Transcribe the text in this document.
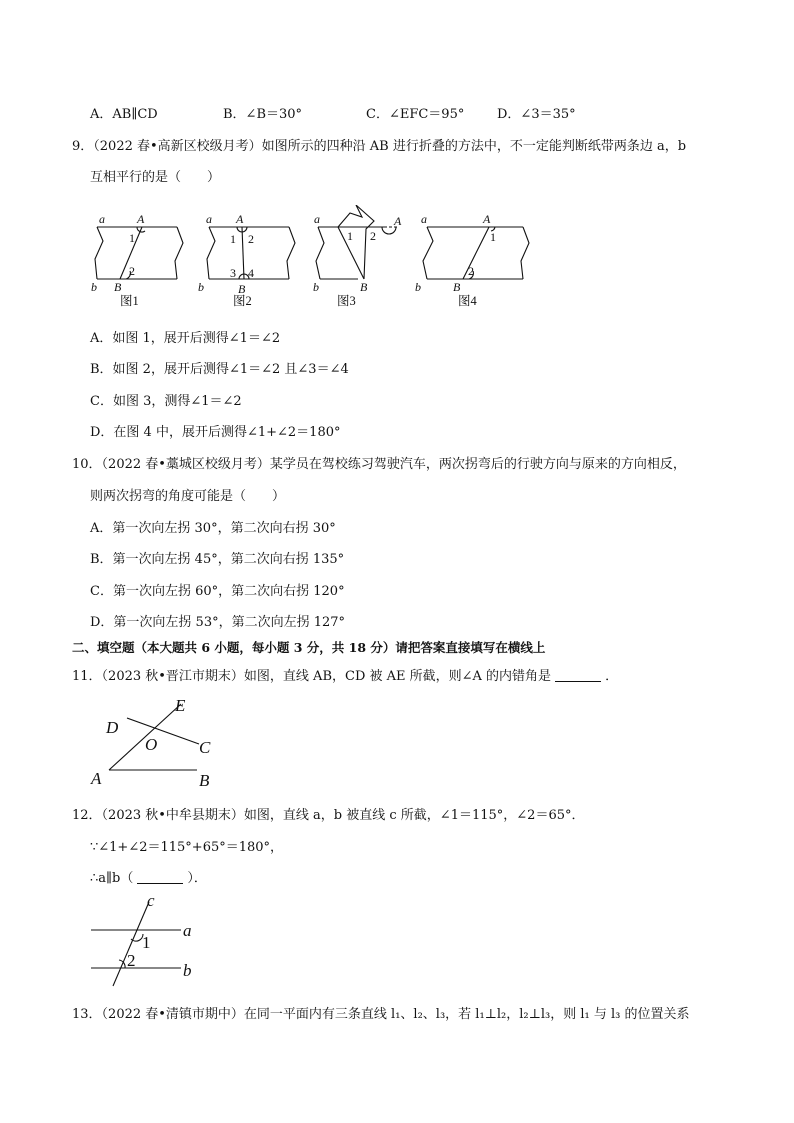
A．AB∥CD	B．∠B＝30°	C．∠EFC＝95°	D．∠3＝35°
9．（2022 春•高新区校级月考）如图所示的四种沿 AB 进行折叠的方法中，不一定能判断纸带两条边 a，b
互相平行的是（　　）
a	A
1
2
b B
a A
1 2
3 4
b	B
a
1 2
A
b	B
a	A
1
2
b	B
图1	图2	图3	图4
A．如图 1，展开后测得∠1＝∠2
B．如图 2，展开后测得∠1＝∠2 且∠3＝∠4
C．如图 3，测得∠1＝∠2
D．在图 4 中，展开后测得∠1+∠2＝180°
10．（2022 春•藁城区校级月考）某学员在驾校练习驾驶汽车，两次拐弯后的行驶方向与原来的方向相反，
则两次拐弯的角度可能是（　　）
A．第一次向左拐 30°，第二次向右拐 30°
B．第一次向左拐 45°，第二次向右拐 135°
C．第一次向左拐 60°，第二次向右拐 120°
D．第一次向左拐 53°，第二次向左拐 127°
二、填空题（本大题共 6 小题，每小题 3 分，共 18 分）请把答案直接填写在横线上
11．（2023 秋•晋江市期末）如图，直线 AB，CD 被 AE 所截，则∠A 的内错角是	．
D
E
O C
A	B
12．（2023 秋•中牟县期末）如图，直线 a，b 被直线 c 所截，∠1＝115°，∠2＝65°．
∵∠1+∠2＝115°+65°＝180°，
∴a∥b（	）．
c
a
b
1
2
13．（2022 春•清镇市期中）在同一平面内有三条直线 l₁、l₂、l₃，若 l₁⊥l₂，l₂⊥l₃，则 l₁ 与 l₃ 的位置关系
